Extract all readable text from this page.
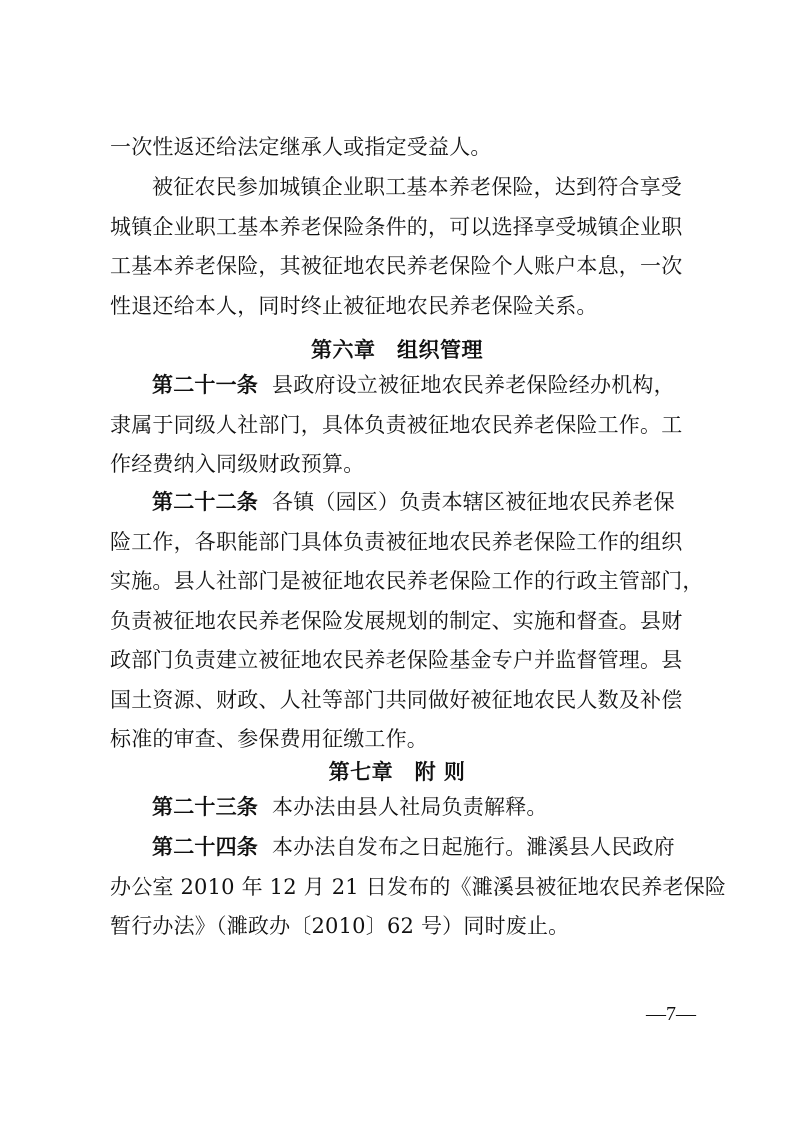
一次性返还给法定继承人或指定受益人。
被征农民参加城镇企业职工基本养老保险，达到符合享受
城镇企业职工基本养老保险条件的，可以选择享受城镇企业职
工基本养老保险，其被征地农民养老保险个人账户本息，一次
性退还给本人，同时终止被征地农民养老保险关系。
第六章　组织管理
第二十一条 县政府设立被征地农民养老保险经办机构，
隶属于同级人社部门，具体负责被征地农民养老保险工作。工
作经费纳入同级财政预算。
第二十二条 各镇（园区）负责本辖区被征地农民养老保
险工作，各职能部门具体负责被征地农民养老保险工作的组织
实施。县人社部门是被征地农民养老保险工作的行政主管部门，
负责被征地农民养老保险发展规划的制定、实施和督查。县财
政部门负责建立被征地农民养老保险基金专户并监督管理。县
国土资源、财政、人社等部门共同做好被征地农民人数及补偿
标准的审查、参保费用征缴工作。
第七章　附 则
第二十三条 本办法由县人社局负责解释。
第二十四条 本办法自发布之日起施行。濉溪县人民政府
办公室 2010 年 12 月 21 日发布的《濉溪县被征地农民养老保险
暂行办法》（濉政办〔2010〕62 号）同时废止。
—7—
